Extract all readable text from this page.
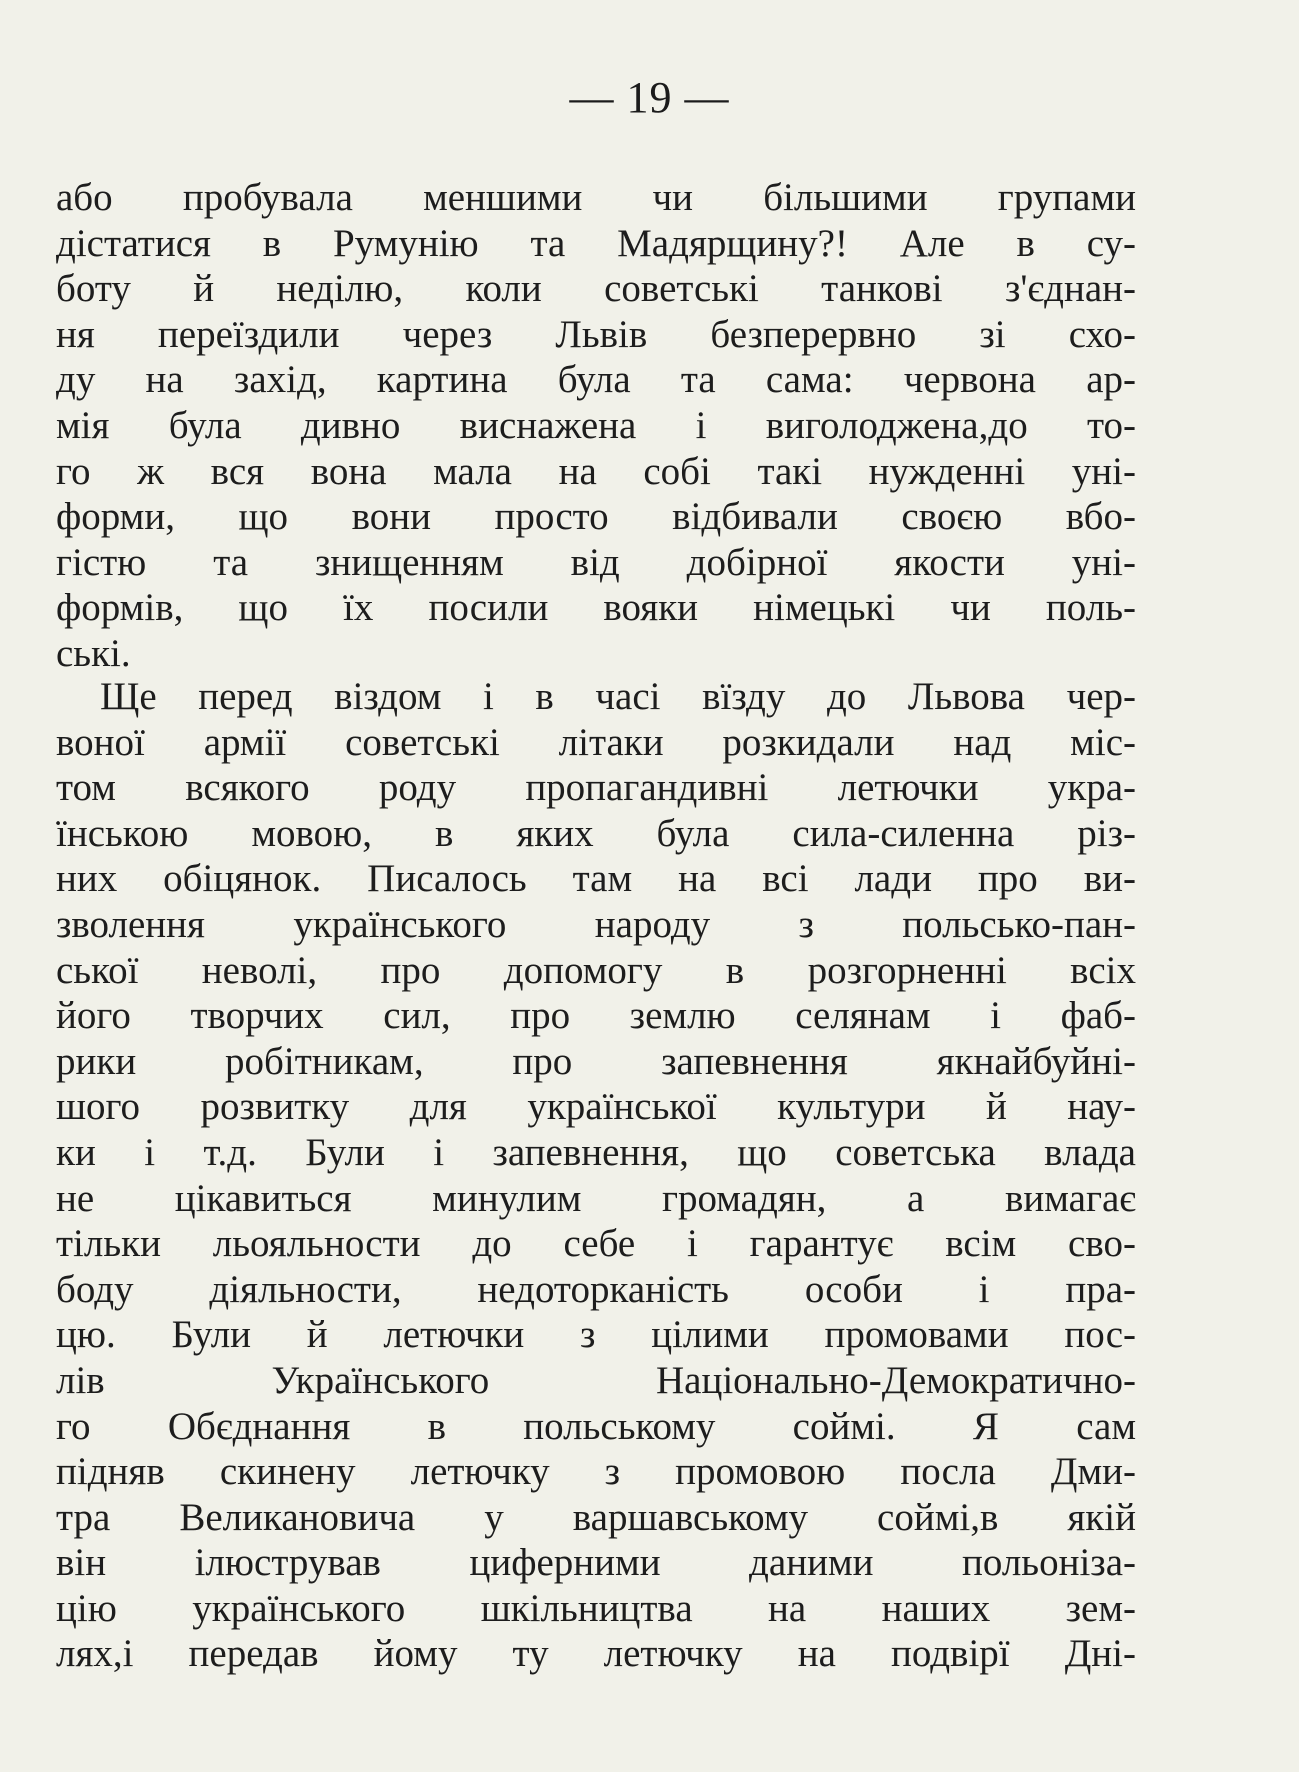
— 19 —
або пробувала меншими чи більшими групами
дістатися в Румунію та Мадярщину?! Але в су-
боту й неділю, коли советські танкові з'єднан-
ня переїздили через Львів безперервно зі схо-
ду на захід, картина була та сама: червона ар-
мія була дивно виснажена і виголоджена,до то-
го ж вся вона мала на собі такі нужденні уні-
форми, що вони просто відбивали своєю вбо-
гістю та знищенням від добірної якости уні-
формів, що їх посили вояки німецькі чи поль-
ські.
Ще перед віздом і в часі вїзду до Львова чер-
воної армії советські літаки розкидали над міс-
том всякого роду пропагандивні летючки укра-
їнською мовою, в яких була сила-силенна різ-
них обіцянок. Писалось там на всі лади про ви-
зволення українського народу з польсько-пан-
ської неволі, про допомогу в розгорненні всіх
його творчих сил, про землю селянам і фаб-
рики робітникам, про запевнення якнайбуйні-
шого розвитку для української культури й нау-
ки і т.д. Були і запевнення, що советська влада
не цікавиться минулим громадян, а вимагає
тільки льояльности до себе і гарантує всім сво-
боду діяльности, недоторканість особи і пра-
цю. Були й летючки з цілими промовами пос-
лів Українського Національно-Демократично-
го Обєднання в польському соймі. Я сам
підняв скинену летючку з промовою посла Дми-
тра Великановича у варшавському соймі,в якій
він ілюстрував циферними даними польоніза-
цію українського шкільництва на наших зем-
лях,і передав йому ту летючку на подвірї Дні-
